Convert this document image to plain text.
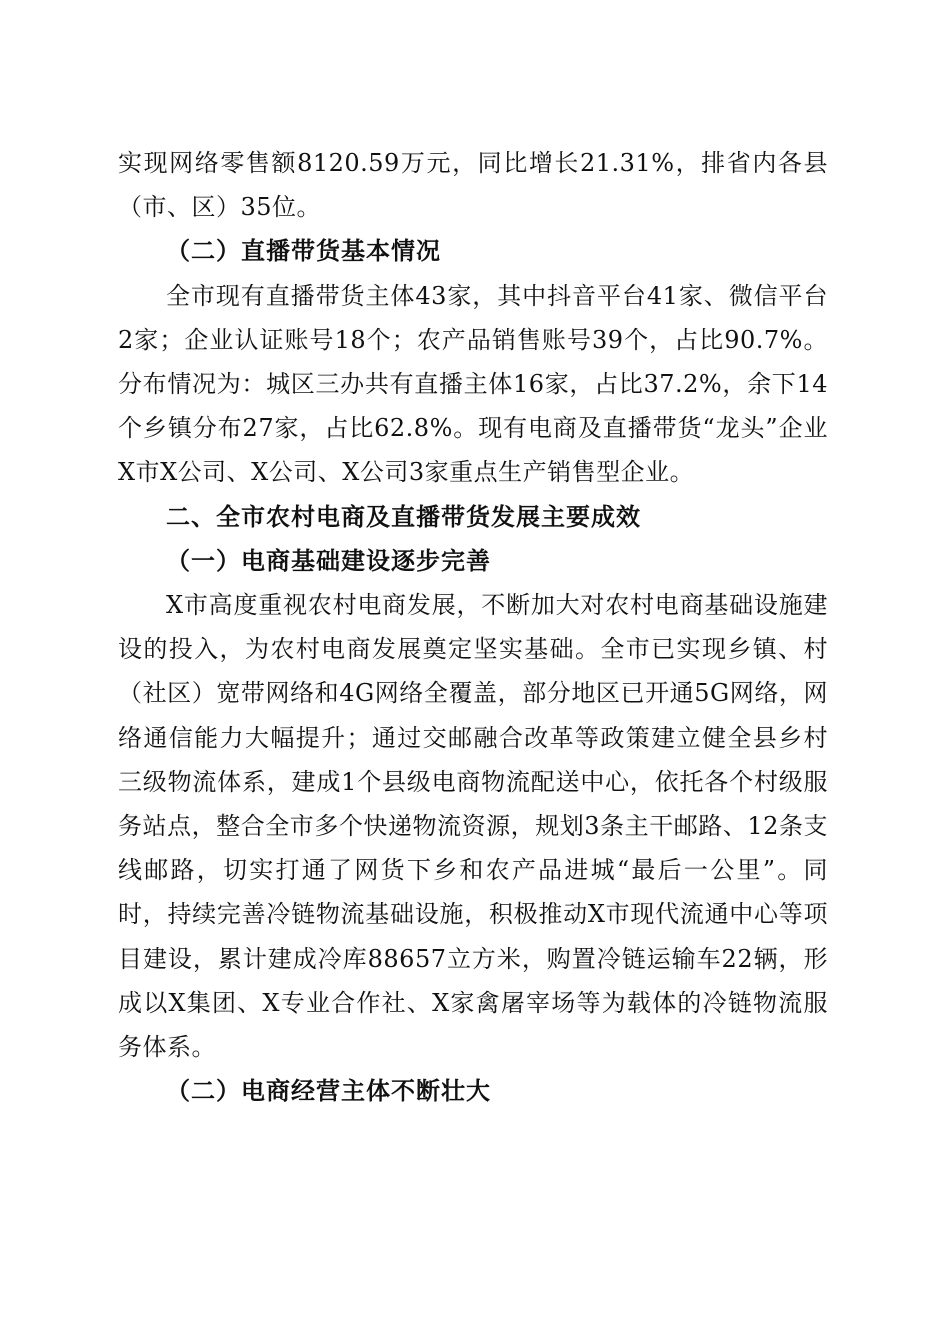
实现网络零售额8120.59万元，同比增长21.31%，排省内各县（市、区）35位。

（二）直播带货基本情况

全市现有直播带货主体43家，其中抖音平台41家、微信平台2家；企业认证账号18个；农产品销售账号39个，占比90.7%。分布情况为：城区三办共有直播主体16家，占比37.2%，余下14个乡镇分布27家，占比62.8%。现有电商及直播带货“龙头”企业X市X公司、X公司、X公司3家重点生产销售型企业。

二、全市农村电商及直播带货发展主要成效

（一）电商基础建设逐步完善

X市高度重视农村电商发展，不断加大对农村电商基础设施建设的投入，为农村电商发展奠定坚实基础。全市已实现乡镇、村（社区）宽带网络和4G网络全覆盖，部分地区已开通5G网络，网络通信能力大幅提升；通过交邮融合改革等政策建立健全县乡村三级物流体系，建成1个县级电商物流配送中心，依托各个村级服务站点，整合全市多个快递物流资源，规划3条主干邮路、12条支线邮路，切实打通了网货下乡和农产品进城“最后一公里”。同时，持续完善冷链物流基础设施，积极推动X市现代流通中心等项目建设，累计建成冷库88657立方米，购置冷链运输车22辆，形成以X集团、X专业合作社、X家禽屠宰场等为载体的冷链物流服务体系。

（二）电商经营主体不断壮大
